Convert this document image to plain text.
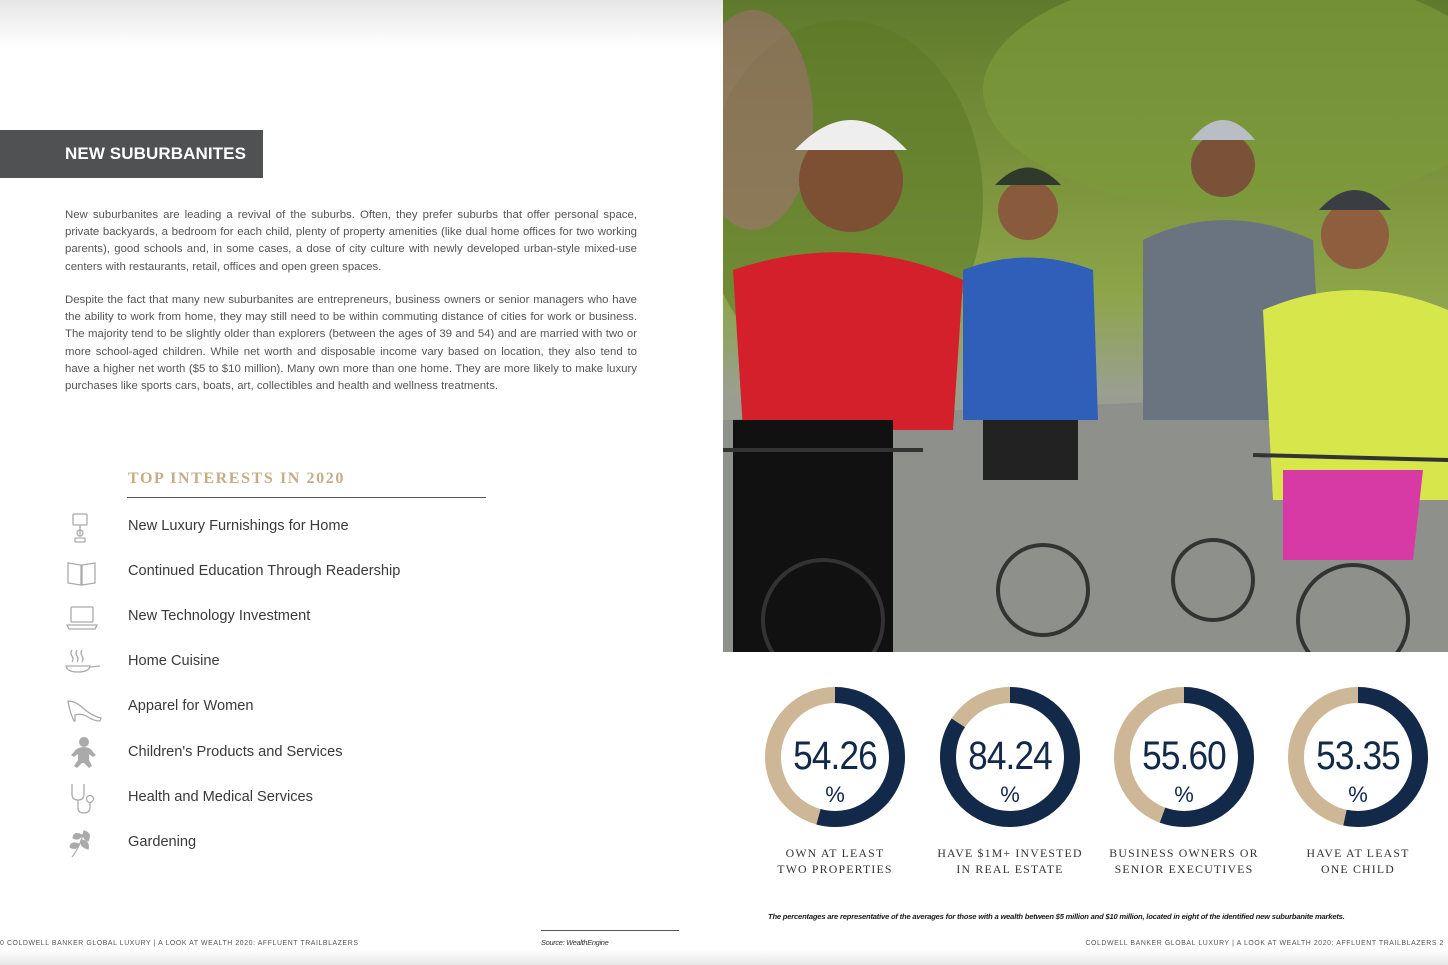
NEW SUBURBANITES

New suburbanites are leading a revival of the suburbs. Often, they prefer suburbs that offer personal space, private backyards, a bedroom for each child, plenty of property amenities (like dual home offices for two working parents), good schools and, in some cases, a dose of city culture with newly developed urban-style mixed-use centers with restaurants, retail, offices and open green spaces.

Despite the fact that many new suburbanites are entrepreneurs, business owners or senior managers who have the ability to work from home, they may still need to be within commuting distance of cities for work or business. The majority tend to be slightly older than explorers (between the ages of 39 and 54) and are married with two or more school-aged children. While net worth and disposable income vary based on location, they also tend to have a higher net worth ($5 to $10 million). Many own more than one home. They are more likely to make luxury purchases like sports cars, boats, art, collectibles and health and wellness treatments.

TOP INTERESTS IN 2020
New Luxury Furnishings for Home
Continued Education Through Readership
New Technology Investment
Home Cuisine
Apparel for Women
Children's Products and Services
Health and Medical Services
Gardening
54.26
%
OWN AT LEAST
TWO PROPERTIES
84.24
%
HAVE $1M+ INVESTED
IN REAL ESTATE
55.60
%
BUSINESS OWNERS OR
SENIOR EXECUTIVES
53.35
%
HAVE AT LEAST
ONE CHILD
The percentages are representative of the averages for those with a wealth between $5 million and $10 million, located in eight of the identified new suburbanite markets.
Source: WealthEngine
0 COLDWELL BANKER GLOBAL LUXURY | A LOOK AT WEALTH 2020: AFFLUENT TRAILBLAZERS	COLDWELL BANKER GLOBAL LUXURY | A LOOK AT WEALTH 2020: AFFLUENT TRAILBLAZERS 2
